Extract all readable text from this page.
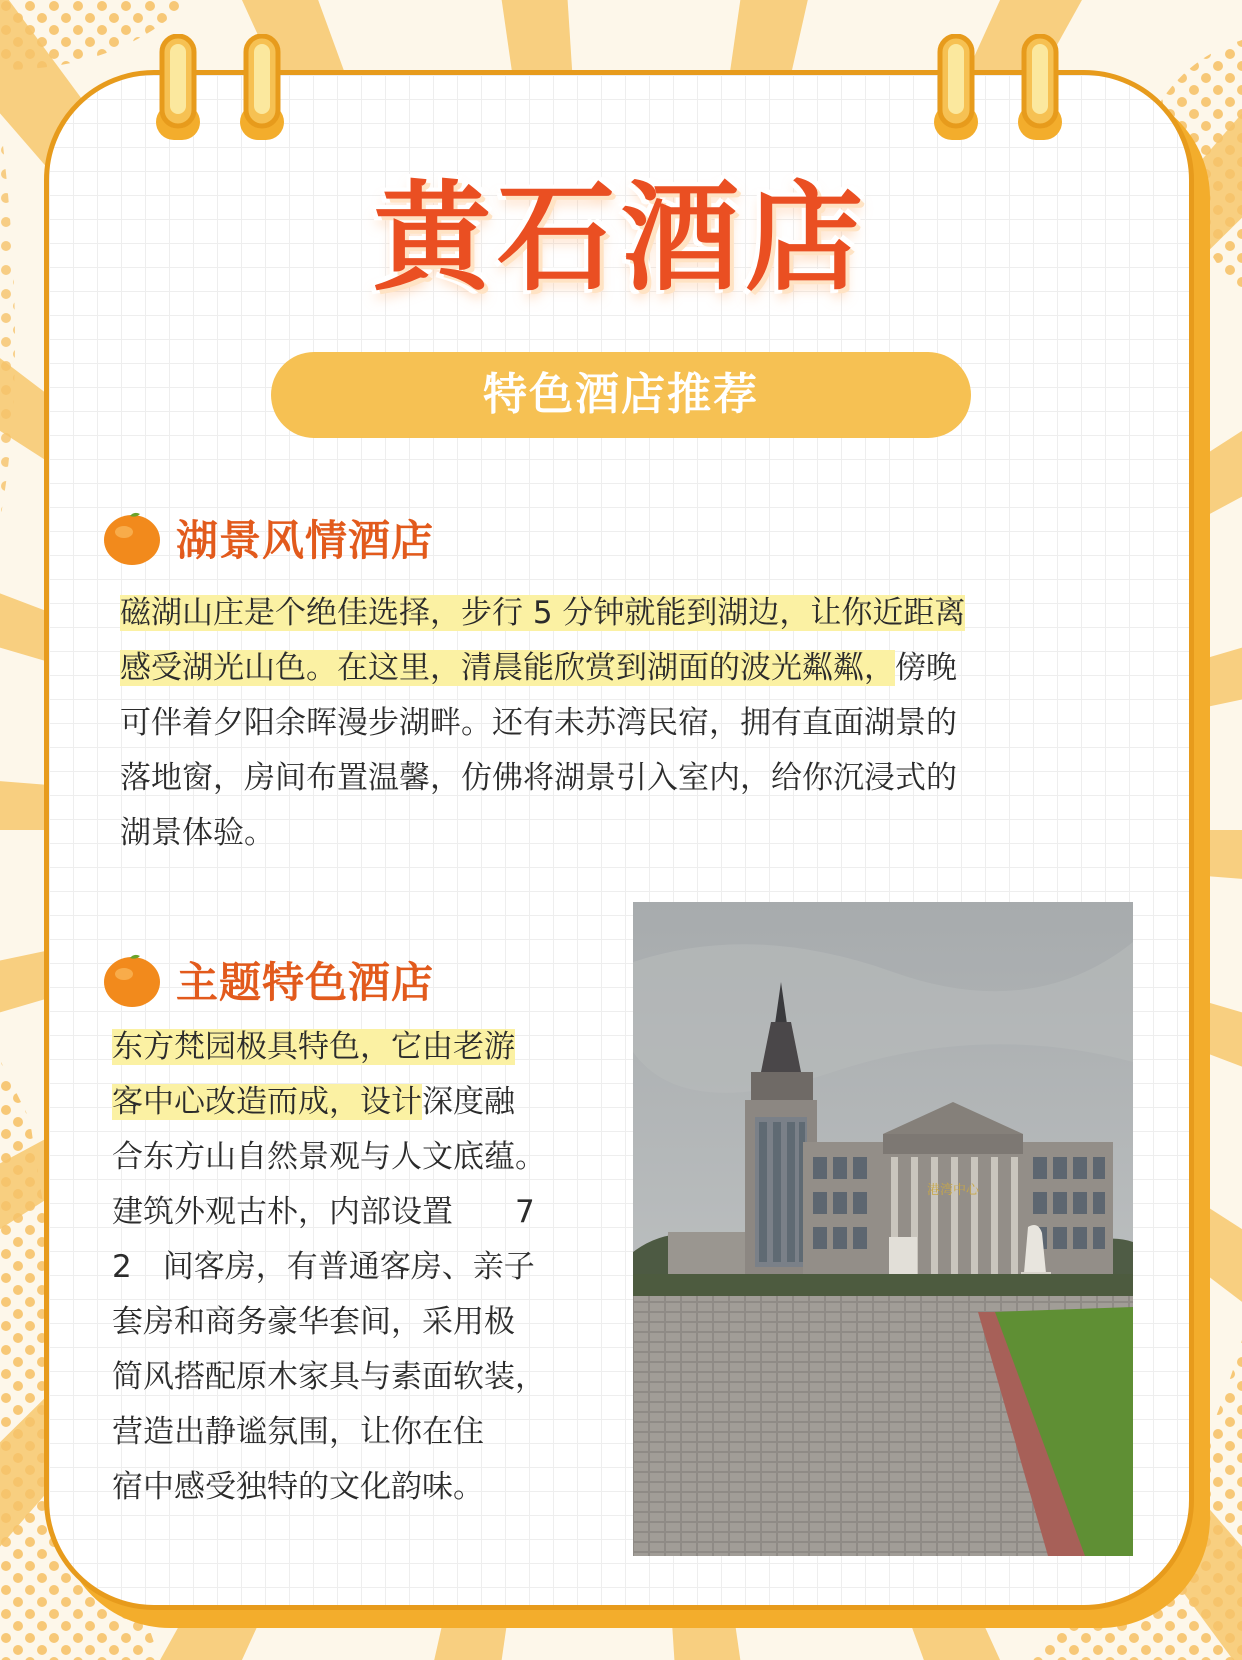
黄石酒店
特色酒店推荐
湖景风情酒店
磁湖山庄是个绝佳选择，步行 5 分钟就能到湖边，让你近距离
感受湖光山色。在这里，清晨能欣赏到湖面的波光粼粼，傍晚
可伴着夕阳余晖漫步湖畔。还有未苏湾民宿，拥有直面湖景的
落地窗，房间布置温馨，仿佛将湖景引入室内，给你沉浸式的
湖景体验。
主题特色酒店
东方梵园极具特色，它由老游
客中心改造而成，设计深度融
合东方山自然景观与人文底蕴。
建筑外观古朴，内部设置　　7
2　间客房，有普通客房、亲子
套房和商务豪华套间，采用极
简风搭配原木家具与素面软装，
营造出静谧氛围，让你在住
宿中感受独特的文化韵味。
港湾中心
